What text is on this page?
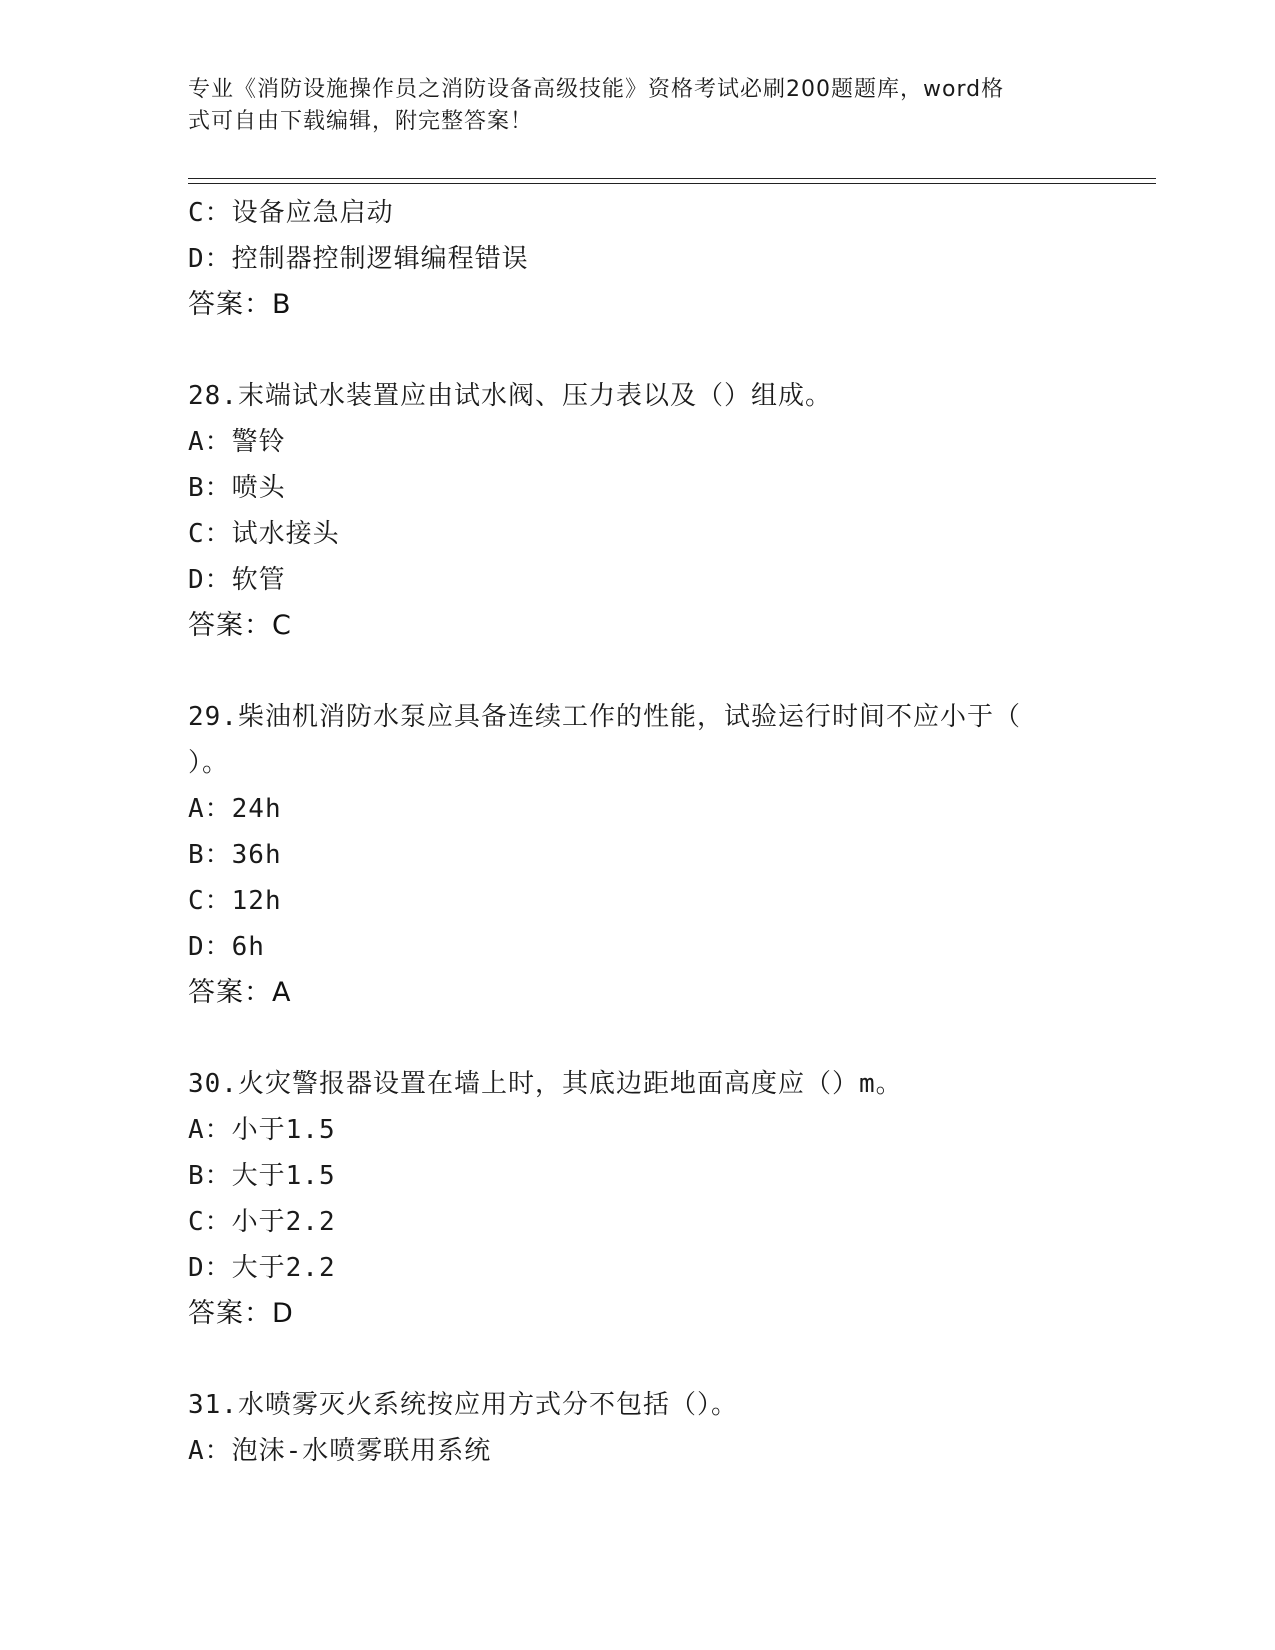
专业《消防设施操作员之消防设备高级技能》资格考试必刷200题题库，word格
式可自由下载编辑，附完整答案！
C：设备应急启动
D：控制器控制逻辑编程错误
答案：B
28.末端试水装置应由试水阀、压力表以及（）组成。
A：警铃
B：喷头
C：试水接头
D：软管
答案：C
29.柴油机消防水泵应具备连续工作的性能，试验运行时间不应小于（
）。
A：24h
B：36h
C：12h
D：6h
答案：A
30.火灾警报器设置在墙上时，其底边距地面高度应（）m。
A：小于1.5
B：大于1.5
C：小于2.2
D：大于2.2
答案：D
31.水喷雾灭火系统按应用方式分不包括（）。
A：泡沫-水喷雾联用系统
